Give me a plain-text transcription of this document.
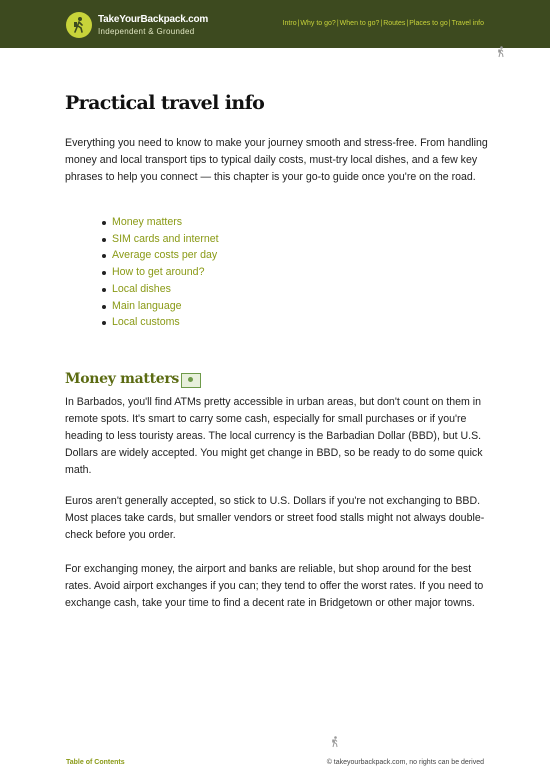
TakeYourBackpack.com
Independent & Grounded
Intro | Why to go? | When to go? | Routes | Places to go | Travel info
Practical travel info

Everything you need to know to make your journey smooth and stress-free. From handling money and local transport tips to typical daily costs, must-try local dishes, and a few key phrases to help you connect — this chapter is your go-to guide once you're on the road.

Money matters
SIM cards and internet
Average costs per day
How to get around?
Local dishes
Main language
Local customs
Money matters

In Barbados, you'll find ATMs pretty accessible in urban areas, but don't count on them in remote spots. It's smart to carry some cash, especially for small purchases or if you're heading to less touristy areas. The local currency is the Barbadian Dollar (BBD), but U.S. Dollars are widely accepted. You might get change in BBD, so be ready to do some quick math.

Euros aren't generally accepted, so stick to U.S. Dollars if you're not exchanging to BBD. Most places take cards, but smaller vendors or street food stalls might not always double-check before you order.

For exchanging money, the airport and banks are reliable, but shop around for the best rates. Avoid airport exchanges if you can; they tend to offer the worst rates. If you need to exchange cash, take your time to find a decent rate in Bridgetown or other major towns.

Table of Contents	© takeyourbackpack.com, no rights can be derived
